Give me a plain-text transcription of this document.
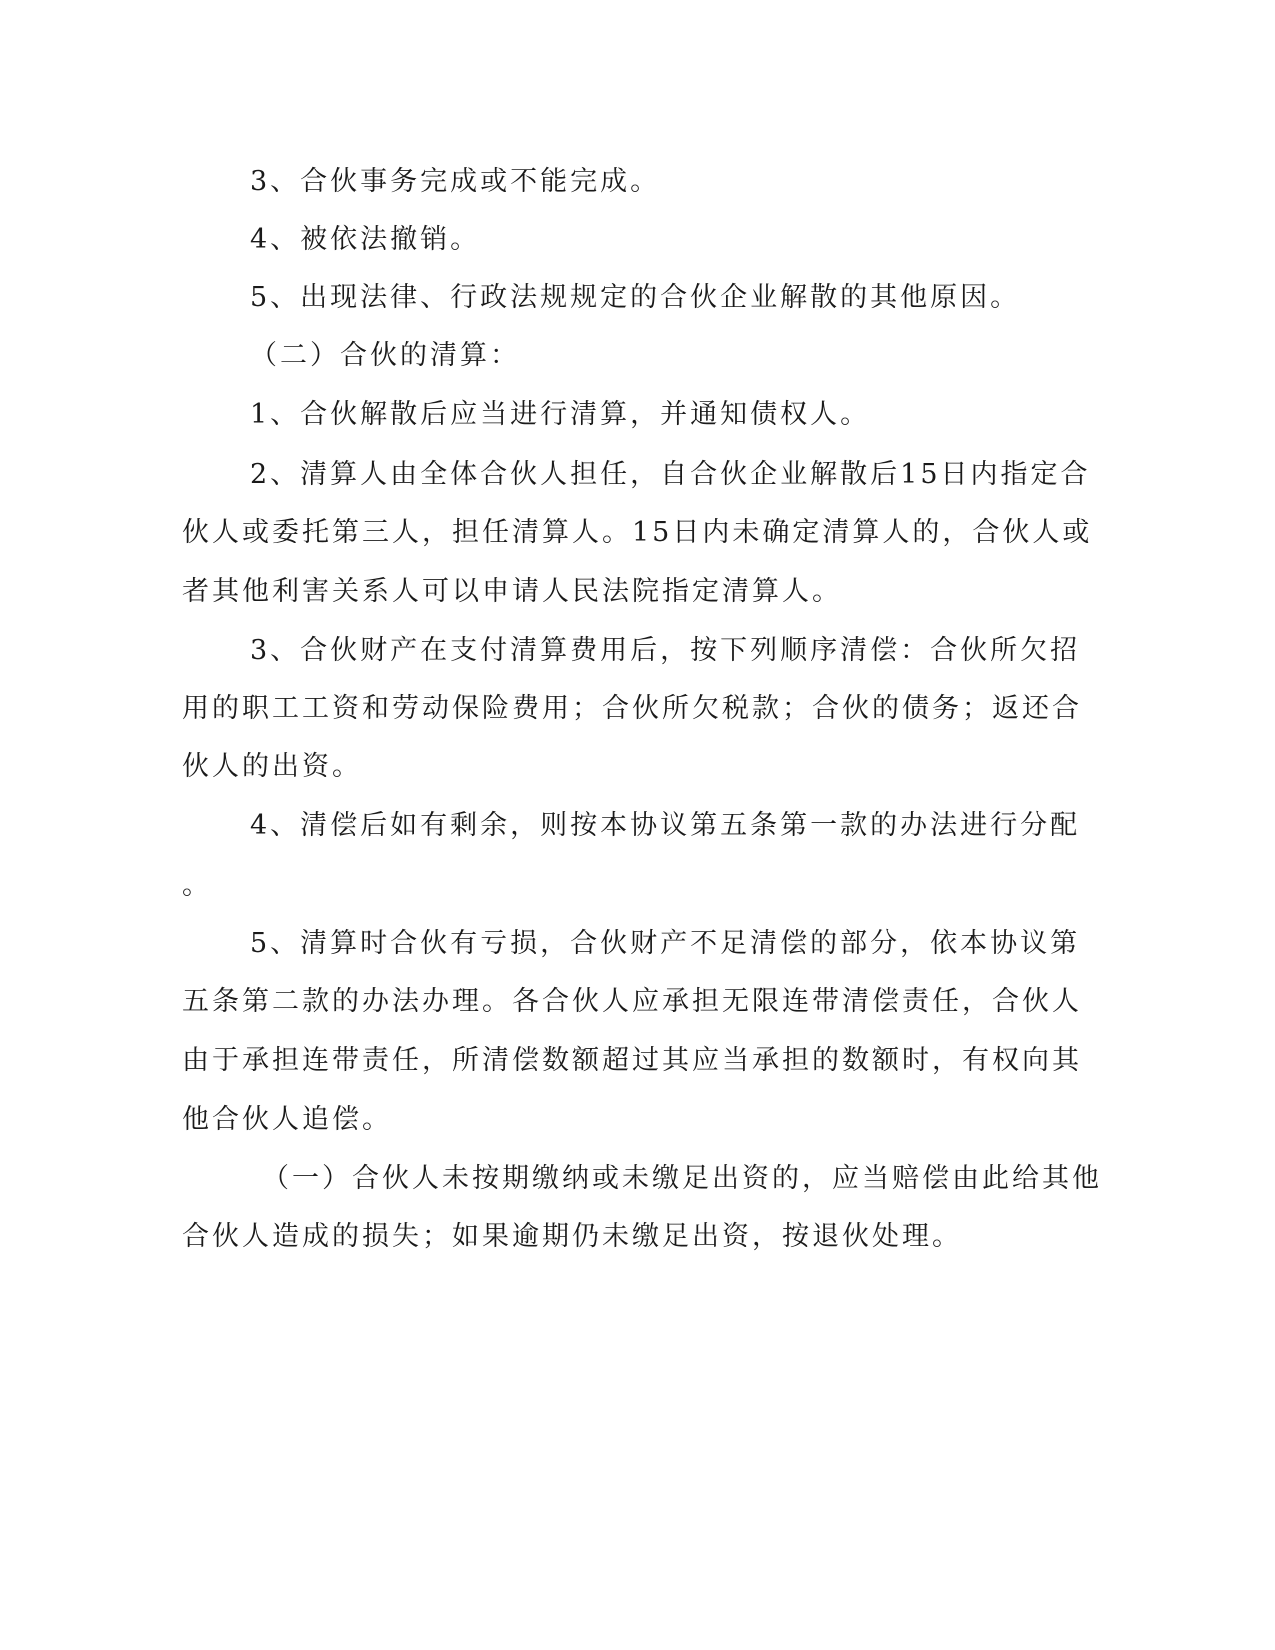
3、合伙事务完成或不能完成。
4、被依法撤销。
5、出现法律、行政法规规定的合伙企业解散的其他原因。
（二）合伙的清算：
1、合伙解散后应当进行清算，并通知债权人。
2、清算人由全体合伙人担任，自合伙企业解散后15日内指定合
伙人或委托第三人，担任清算人。15日内未确定清算人的，合伙人或
者其他利害关系人可以申请人民法院指定清算人。
3、合伙财产在支付清算费用后，按下列顺序清偿：合伙所欠招
用的职工工资和劳动保险费用；合伙所欠税款；合伙的债务；返还合
伙人的出资。
4、清偿后如有剩余，则按本协议第五条第一款的办法进行分配
。
5、清算时合伙有亏损，合伙财产不足清偿的部分，依本协议第
五条第二款的办法办理。各合伙人应承担无限连带清偿责任，合伙人
由于承担连带责任，所清偿数额超过其应当承担的数额时，有权向其
他合伙人追偿。
（一）合伙人未按期缴纳或未缴足出资的，应当赔偿由此给其他
合伙人造成的损失；如果逾期仍未缴足出资，按退伙处理。
